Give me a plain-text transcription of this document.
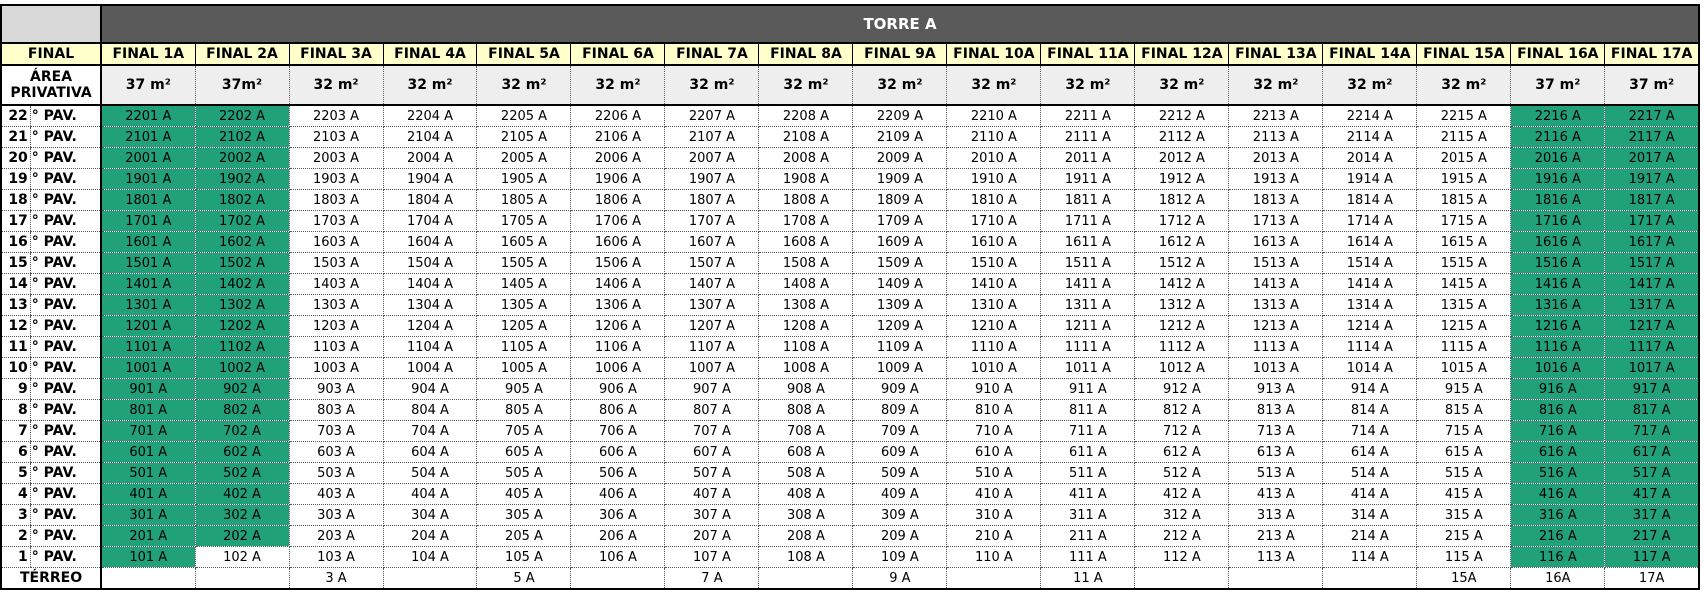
		TORRE A																
FINAL		FINAL 1A	FINAL 2A	FINAL 3A	FINAL 4A	FINAL 5A	FINAL 6A	FINAL 7A	FINAL 8A	FINAL 9A	FINAL 10A	FINAL 11A	FINAL 12A	FINAL 13A	FINAL 14A	FINAL 15A	FINAL 16A	FINAL 17A
ÁREA
PRIVATIVA		37 m²	37m²	32 m²	32 m²	32 m²	32 m²	32 m²	32 m²	32 m²	32 m²	32 m²	32 m²	32 m²	32 m²	32 m²	37 m²	37 m²
22	° PAV.	2201 A	2202 A	2203 A	2204 A	2205 A	2206 A	2207 A	2208 A	2209 A	2210 A	2211 A	2212 A	2213 A	2214 A	2215 A	2216 A	2217 A
21	° PAV.	2101 A	2102 A	2103 A	2104 A	2105 A	2106 A	2107 A	2108 A	2109 A	2110 A	2111 A	2112 A	2113 A	2114 A	2115 A	2116 A	2117 A
20	° PAV.	2001 A	2002 A	2003 A	2004 A	2005 A	2006 A	2007 A	2008 A	2009 A	2010 A	2011 A	2012 A	2013 A	2014 A	2015 A	2016 A	2017 A
19	° PAV.	1901 A	1902 A	1903 A	1904 A	1905 A	1906 A	1907 A	1908 A	1909 A	1910 A	1911 A	1912 A	1913 A	1914 A	1915 A	1916 A	1917 A
18	° PAV.	1801 A	1802 A	1803 A	1804 A	1805 A	1806 A	1807 A	1808 A	1809 A	1810 A	1811 A	1812 A	1813 A	1814 A	1815 A	1816 A	1817 A
17	° PAV.	1701 A	1702 A	1703 A	1704 A	1705 A	1706 A	1707 A	1708 A	1709 A	1710 A	1711 A	1712 A	1713 A	1714 A	1715 A	1716 A	1717 A
16	° PAV.	1601 A	1602 A	1603 A	1604 A	1605 A	1606 A	1607 A	1608 A	1609 A	1610 A	1611 A	1612 A	1613 A	1614 A	1615 A	1616 A	1617 A
15	° PAV.	1501 A	1502 A	1503 A	1504 A	1505 A	1506 A	1507 A	1508 A	1509 A	1510 A	1511 A	1512 A	1513 A	1514 A	1515 A	1516 A	1517 A
14	° PAV.	1401 A	1402 A	1403 A	1404 A	1405 A	1406 A	1407 A	1408 A	1409 A	1410 A	1411 A	1412 A	1413 A	1414 A	1415 A	1416 A	1417 A
13	° PAV.	1301 A	1302 A	1303 A	1304 A	1305 A	1306 A	1307 A	1308 A	1309 A	1310 A	1311 A	1312 A	1313 A	1314 A	1315 A	1316 A	1317 A
12	° PAV.	1201 A	1202 A	1203 A	1204 A	1205 A	1206 A	1207 A	1208 A	1209 A	1210 A	1211 A	1212 A	1213 A	1214 A	1215 A	1216 A	1217 A
11	° PAV.	1101 A	1102 A	1103 A	1104 A	1105 A	1106 A	1107 A	1108 A	1109 A	1110 A	1111 A	1112 A	1113 A	1114 A	1115 A	1116 A	1117 A
10	° PAV.	1001 A	1002 A	1003 A	1004 A	1005 A	1006 A	1007 A	1008 A	1009 A	1010 A	1011 A	1012 A	1013 A	1014 A	1015 A	1016 A	1017 A
9	° PAV.	901 A	902 A	903 A	904 A	905 A	906 A	907 A	908 A	909 A	910 A	911 A	912 A	913 A	914 A	915 A	916 A	917 A
8	° PAV.	801 A	802 A	803 A	804 A	805 A	806 A	807 A	808 A	809 A	810 A	811 A	812 A	813 A	814 A	815 A	816 A	817 A
7	° PAV.	701 A	702 A	703 A	704 A	705 A	706 A	707 A	708 A	709 A	710 A	711 A	712 A	713 A	714 A	715 A	716 A	717 A
6	° PAV.	601 A	602 A	603 A	604 A	605 A	606 A	607 A	608 A	609 A	610 A	611 A	612 A	613 A	614 A	615 A	616 A	617 A
5	° PAV.	501 A	502 A	503 A	504 A	505 A	506 A	507 A	508 A	509 A	510 A	511 A	512 A	513 A	514 A	515 A	516 A	517 A
4	° PAV.	401 A	402 A	403 A	404 A	405 A	406 A	407 A	408 A	409 A	410 A	411 A	412 A	413 A	414 A	415 A	416 A	417 A
3	° PAV.	301 A	302 A	303 A	304 A	305 A	306 A	307 A	308 A	309 A	310 A	311 A	312 A	313 A	314 A	315 A	316 A	317 A
2	° PAV.	201 A	202 A	203 A	204 A	205 A	206 A	207 A	208 A	209 A	210 A	211 A	212 A	213 A	214 A	215 A	216 A	217 A
1	° PAV.	101 A	102 A	103 A	104 A	105 A	106 A	107 A	108 A	109 A	110 A	111 A	112 A	113 A	114 A	115 A	116 A	117 A
TÉRREO				3 A		5 A		7 A		9 A		11 A				15A	16A	17A
